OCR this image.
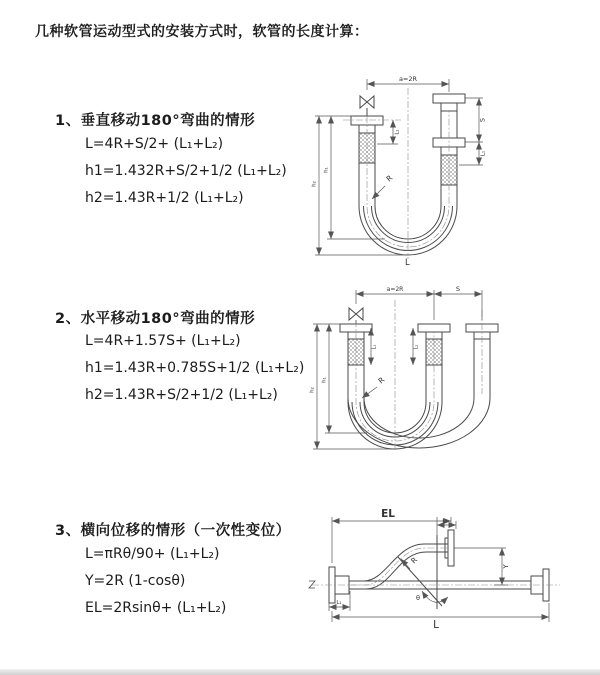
几种软管运动型式的安装方式时，软管的长度计算：
1、垂直移动180°弯曲的情形
L=4R+S/2+ (L₁+L₂)
h1=1.432R+S/2+1/2 (L₁+L₂)
h2=1.43R+1/2 (L₁+L₂)
2、水平移动180°弯曲的情形
L=4R+1.57S+ (L₁+L₂)
h1=1.43R+0.785S+1/2 (L₁+L₂)
h2=1.43R+S/2+1/2 (L₁+L₂)
3、横向位移的情形（一次性变位）
L=πRθ/90+ (L₁+L₂)
Y=2R (1-cosθ)
EL=2Rsinθ+ (L₁+L₂)
a=2R
S
L₁
L₁
h₂
h₁
R
L
a=2R	S
h₂
h₁
L₁	L₂
R
EL
L₂
Y
R
θ
L₁
L
